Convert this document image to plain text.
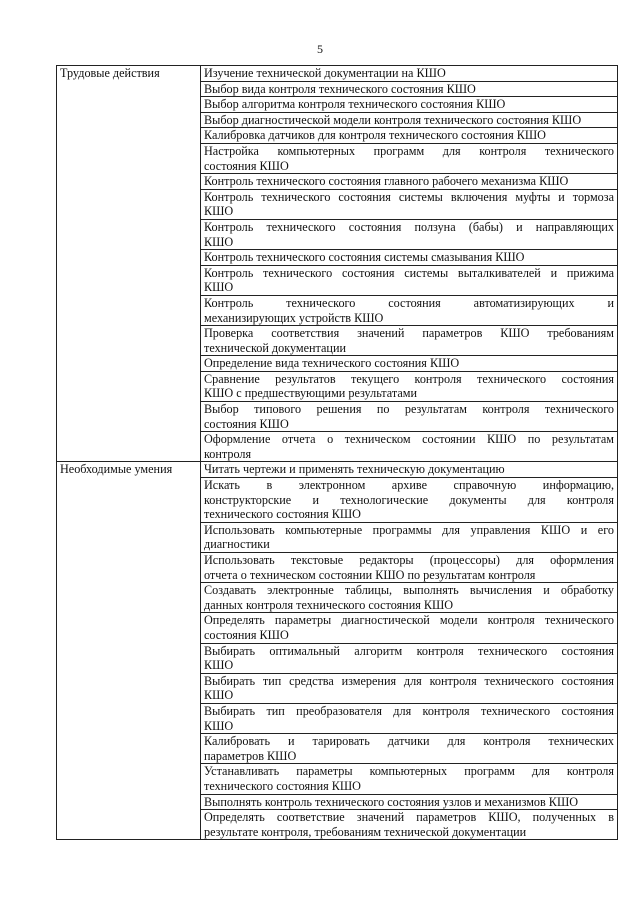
5
Трудовые действия	Изучение технической документации на КШО

	Выбор вида контроля технического состояния КШО

	Выбор алгоритма контроля технического состояния КШО

	Выбор диагностической модели контроля технического состояния КШО

	Калибровка датчиков для контроля технического состояния КШО

	Настройка компьютерных программ для контроля технического
состояния КШО

	Контроль технического состояния главного рабочего механизма КШО

	Контроль технического состояния системы включения муфты и тормоза
КШО

	Контроль технического состояния ползуна (бабы) и направляющих
КШО

	Контроль технического состояния системы смазывания КШО

	Контроль технического состояния системы выталкивателей и прижима
КШО

	Контроль технического состояния автоматизирующих и
механизирующих устройств КШО

	Проверка соответствия значений параметров КШО требованиям
технической документации

	Определение вида технического состояния КШО

	Сравнение результатов текущего контроля технического состояния
КШО с предшествующими результатами

	Выбор типового решения по результатам контроля технического
состояния КШО

	Оформление отчета о техническом состоянии КШО по результатам
контроля

Необходимые умения	Читать чертежи и применять техническую документацию

	Искать в электронном архиве справочную информацию,
конструкторские и технологические документы для контроля
технического состояния КШО

	Использовать компьютерные программы для управления КШО и его
диагностики

	Использовать текстовые редакторы (процессоры) для оформления
отчета о техническом состоянии КШО по результатам контроля

	Создавать электронные таблицы, выполнять вычисления и обработку
данных контроля технического состояния КШО

	Определять параметры диагностической модели контроля технического
состояния КШО

	Выбирать оптимальный алгоритм контроля технического состояния
КШО

	Выбирать тип средства измерения для контроля технического состояния
КШО

	Выбирать тип преобразователя для контроля технического состояния
КШО

	Калибровать и тарировать датчики для контроля технических
параметров КШО

	Устанавливать параметры компьютерных программ для контроля
технического состояния КШО

	Выполнять контроль технического состояния узлов и механизмов КШО

	Определять соответствие значений параметров КШО, полученных в
результате контроля, требованиям технической документации
